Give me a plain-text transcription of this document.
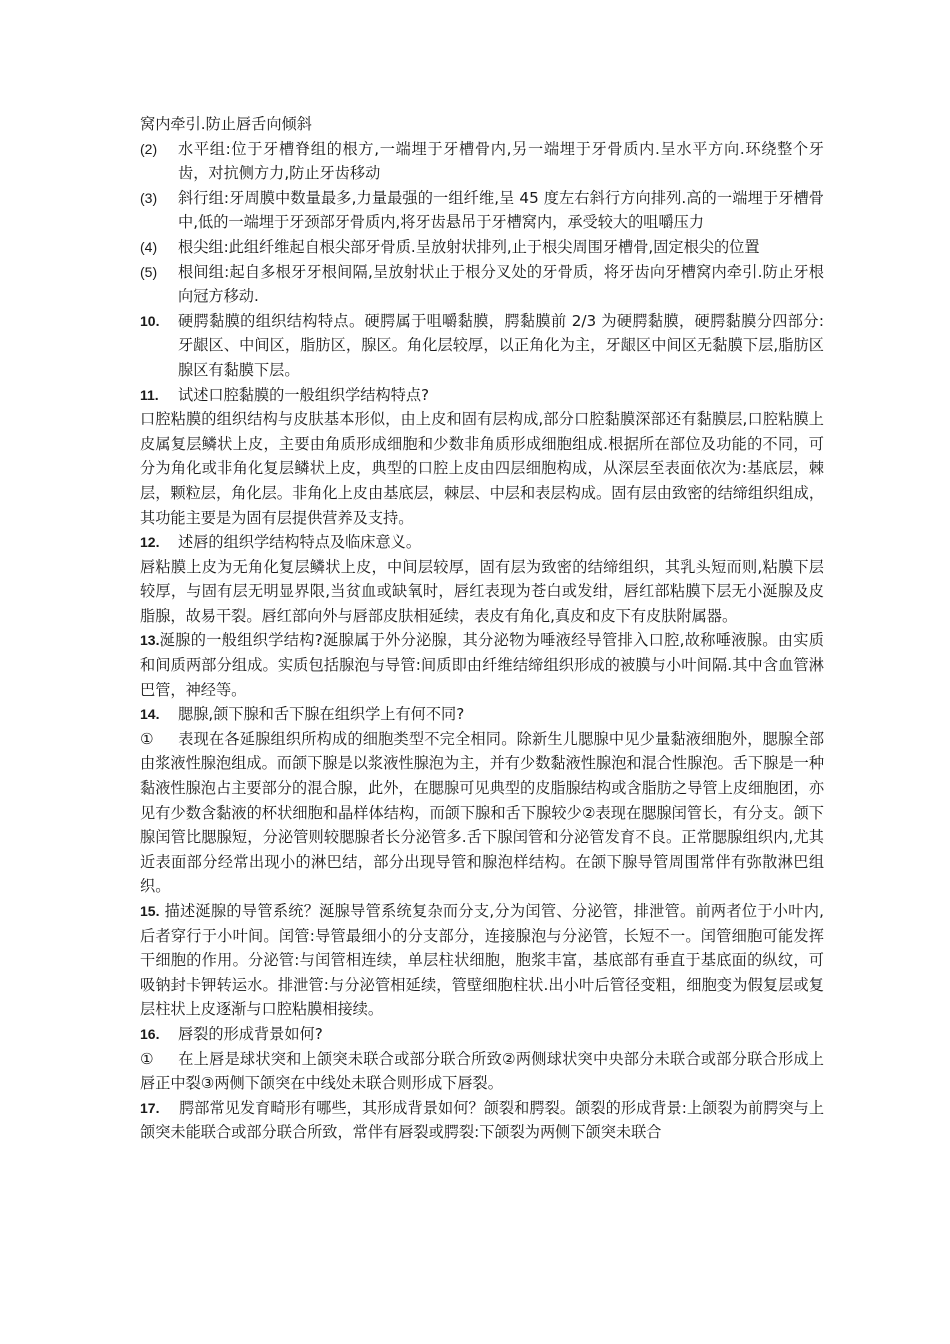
窝内牵引.防止唇舌向倾斜

(2)	水平组:位于牙槽脊组的根方,一端埋于牙槽骨内,另一端埋于牙骨质内.呈水平方向.环绕整个牙齿，对抗侧方力,防止牙齿移动

(3)	斜行组:牙周膜中数量最多,力量最强的一组纤维,呈 45 度左右斜行方向排列.高的一端埋于牙槽骨中,低的一端埋于牙颈部牙骨质内,将牙齿悬吊于牙槽窝内，承受较大的咀嚼压力

(4)	根尖组:此组纤维起自根尖部牙骨质.呈放射状排列,止于根尖周围牙槽骨,固定根尖的位置

(5)	根间组:起自多根牙牙根间隔,呈放射状止于根分叉处的牙骨质，将牙齿向牙槽窝内牵引.防止牙根向冠方移动.

10.	硬腭黏膜的组织结构特点。硬腭属于咀嚼黏膜，腭黏膜前 2/3 为硬腭黏膜，硬腭黏膜分四部分:牙龈区、中间区，脂肪区，腺区。角化层较厚，以正角化为主，牙龈区中间区无黏膜下层,脂肪区腺区有黏膜下层。

11.	试述口腔黏膜的一般组织学结构特点?

口腔粘膜的组织结构与皮肤基本形似，由上皮和固有层构成,部分口腔黏膜深部还有黏膜层,口腔粘膜上皮属复层鳞状上皮，主要由角质形成细胞和少数非角质形成细胞组成.根据所在部位及功能的不同，可分为角化或非角化复层鳞状上皮，典型的口腔上皮由四层细胞构成，从深层至表面依次为:基底层，棘层，颗粒层，角化层。非角化上皮由基底层，棘层、中层和表层构成。固有层由致密的结缔组织组成，其功能主要是为固有层提供营养及支持。

12.	述唇的组织学结构特点及临床意义。

唇粘膜上皮为无角化复层鳞状上皮，中间层较厚，固有层为致密的结缔组织，其乳头短而则,粘膜下层较厚，与固有层无明显界限,当贫血或缺氧时，唇红表现为苍白或发绀，唇红部粘膜下层无小涎腺及皮脂腺，故易干裂。唇红部向外与唇部皮肤相延续，表皮有角化,真皮和皮下有皮肤附属器。

13.涎腺的一般组织学结构?涎腺属于外分泌腺，其分泌物为唾液经导管排入口腔,故称唾液腺。由实质和间质两部分组成。实质包括腺泡与导管:间质即由纤维结缔组织形成的被膜与小叶间隔.其中含血管淋巴管，神经等。

14.	腮腺,颌下腺和舌下腺在组织学上有何不同?

① 表现在各延腺组织所构成的细胞类型不完全相同。除新生儿腮腺中见少量黏液细胞外，腮腺全部由浆液性腺泡组成。而颌下腺是以浆液性腺泡为主，并有少数黏液性腺泡和混合性腺泡。舌下腺是一种黏液性腺泡占主要部分的混合腺，此外，在腮腺可见典型的皮脂腺结构或含脂肪之导管上皮细胞团，亦见有少数含黏液的杯状细胞和晶样体结构，而颌下腺和舌下腺较少②表现在腮腺闰管长，有分支。颌下腺闰管比腮腺短，分泌管则较腮腺者长分泌管多.舌下腺闰管和分泌管发育不良。正常腮腺组织内,尤其近表面部分经常出现小的淋巴结，部分出现导管和腺泡样结构。在颌下腺导管周围常伴有弥散淋巴组织。

15. 描述涎腺的导管系统？涎腺导管系统复杂而分支,分为闰管、分泌管，排泄管。前两者位于小叶内,后者穿行于小叶间。闰管:导管最细小的分支部分，连接腺泡与分泌管，长短不一。闰管细胞可能发挥干细胞的作用。分泌管:与闰管相连续，单层柱状细胞，胞浆丰富，基底部有垂直于基底面的纵纹，可吸钠封卡钾转运水。排泄管:与分泌管相延续，管壁细胞柱状.出小叶后管径变粗，细胞变为假复层或复层柱状上皮逐渐与口腔粘膜相接续。

16.	唇裂的形成背景如何?

① 在上唇是球状突和上颌突未联合或部分联合所致②两侧球状突中央部分未联合或部分联合形成上唇正中裂③两侧下颌突在中线处未联合则形成下唇裂。

17. 腭部常见发育畸形有哪些，其形成背景如何？颌裂和腭裂。颌裂的形成背景:上颌裂为前腭突与上颌突未能联合或部分联合所致，常伴有唇裂或腭裂:下颌裂为两侧下颌突未联合
